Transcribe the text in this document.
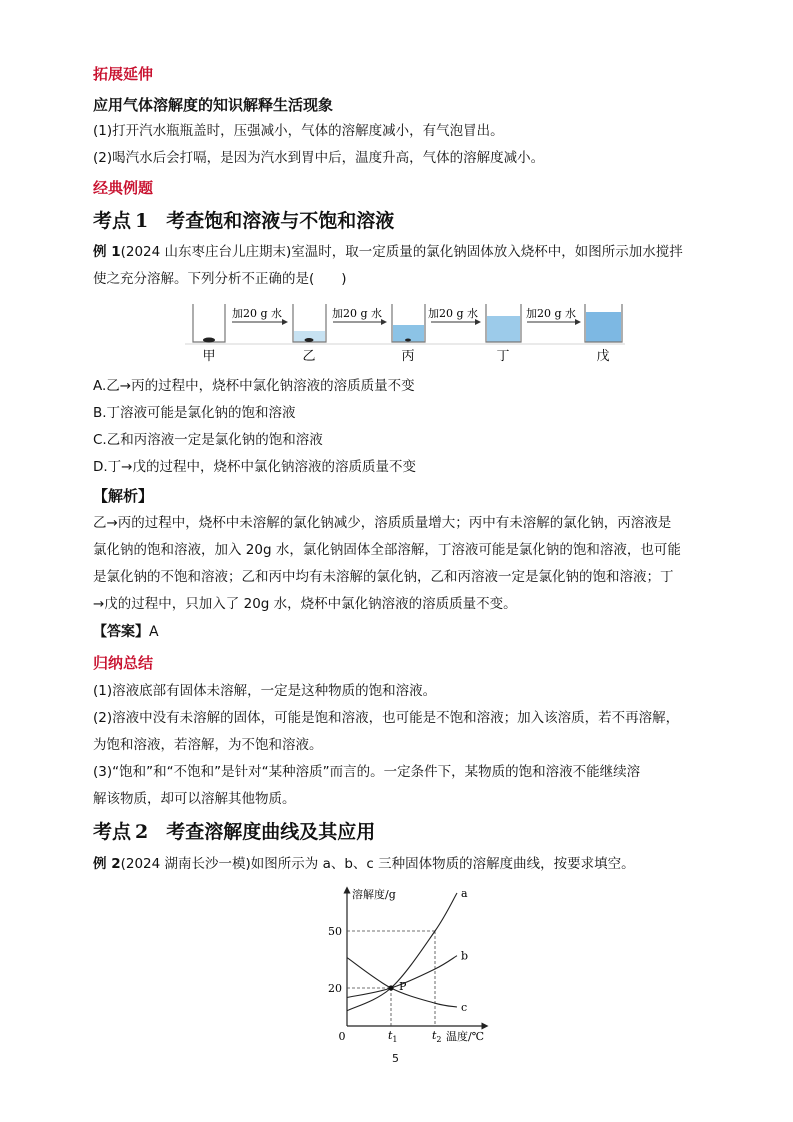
拓展延伸
应用气体溶解度的知识解释生活现象
(1)打开汽水瓶瓶盖时，压强减小，气体的溶解度减小，有气泡冒出。
(2)喝汽水后会打嗝，是因为汽水到胃中后，温度升高，气体的溶解度减小。
经典例题
考点 1 考查饱和溶液与不饱和溶液
例 1(2024 山东枣庄台儿庄期末)室温时，取一定质量的氯化钠固体放入烧杯中，如图所示加水搅拌
使之充分溶解。下列分析不正确的是(　　)
加20 g 水	加20 g 水	加20 g 水	加20 g 水
甲	乙	丙	丁	戊
A.乙→丙的过程中，烧杯中氯化钠溶液的溶质质量不变
B.丁溶液可能是氯化钠的饱和溶液
C.乙和丙溶液一定是氯化钠的饱和溶液
D.丁→戊的过程中，烧杯中氯化钠溶液的溶质质量不变
【解析】
乙→丙的过程中，烧杯中未溶解的氯化钠减少，溶质质量增大；丙中有未溶解的氯化钠，丙溶液是
氯化钠的饱和溶液，加入 20g 水，氯化钠固体全部溶解，丁溶液可能是氯化钠的饱和溶液，也可能
是氯化钠的不饱和溶液；乙和丙中均有未溶解的氯化钠，乙和丙溶液一定是氯化钠的饱和溶液；丁
→戊的过程中，只加入了 20g 水，烧杯中氯化钠溶液的溶质质量不变。
【答案】A
归纳总结
(1)溶液底部有固体未溶解，一定是这种物质的饱和溶液。
(2)溶液中没有未溶解的固体，可能是饱和溶液，也可能是不饱和溶液；加入该溶质，若不再溶解，
为饱和溶液，若溶解，为不饱和溶液。
(3)“饱和”和“不饱和”是针对“某种溶质”而言的。一定条件下，某物质的饱和溶液不能继续溶
解该物质，却可以溶解其他物质。
考点 2 考查溶解度曲线及其应用
例 2(2024 湖南长沙一模)如图所示为 a、b、c 三种固体物质的溶解度曲线，按要求填空。
a
b
c
P
20
50
$t_1$	$t_2$
溶解度/g
温度/℃
0
5
